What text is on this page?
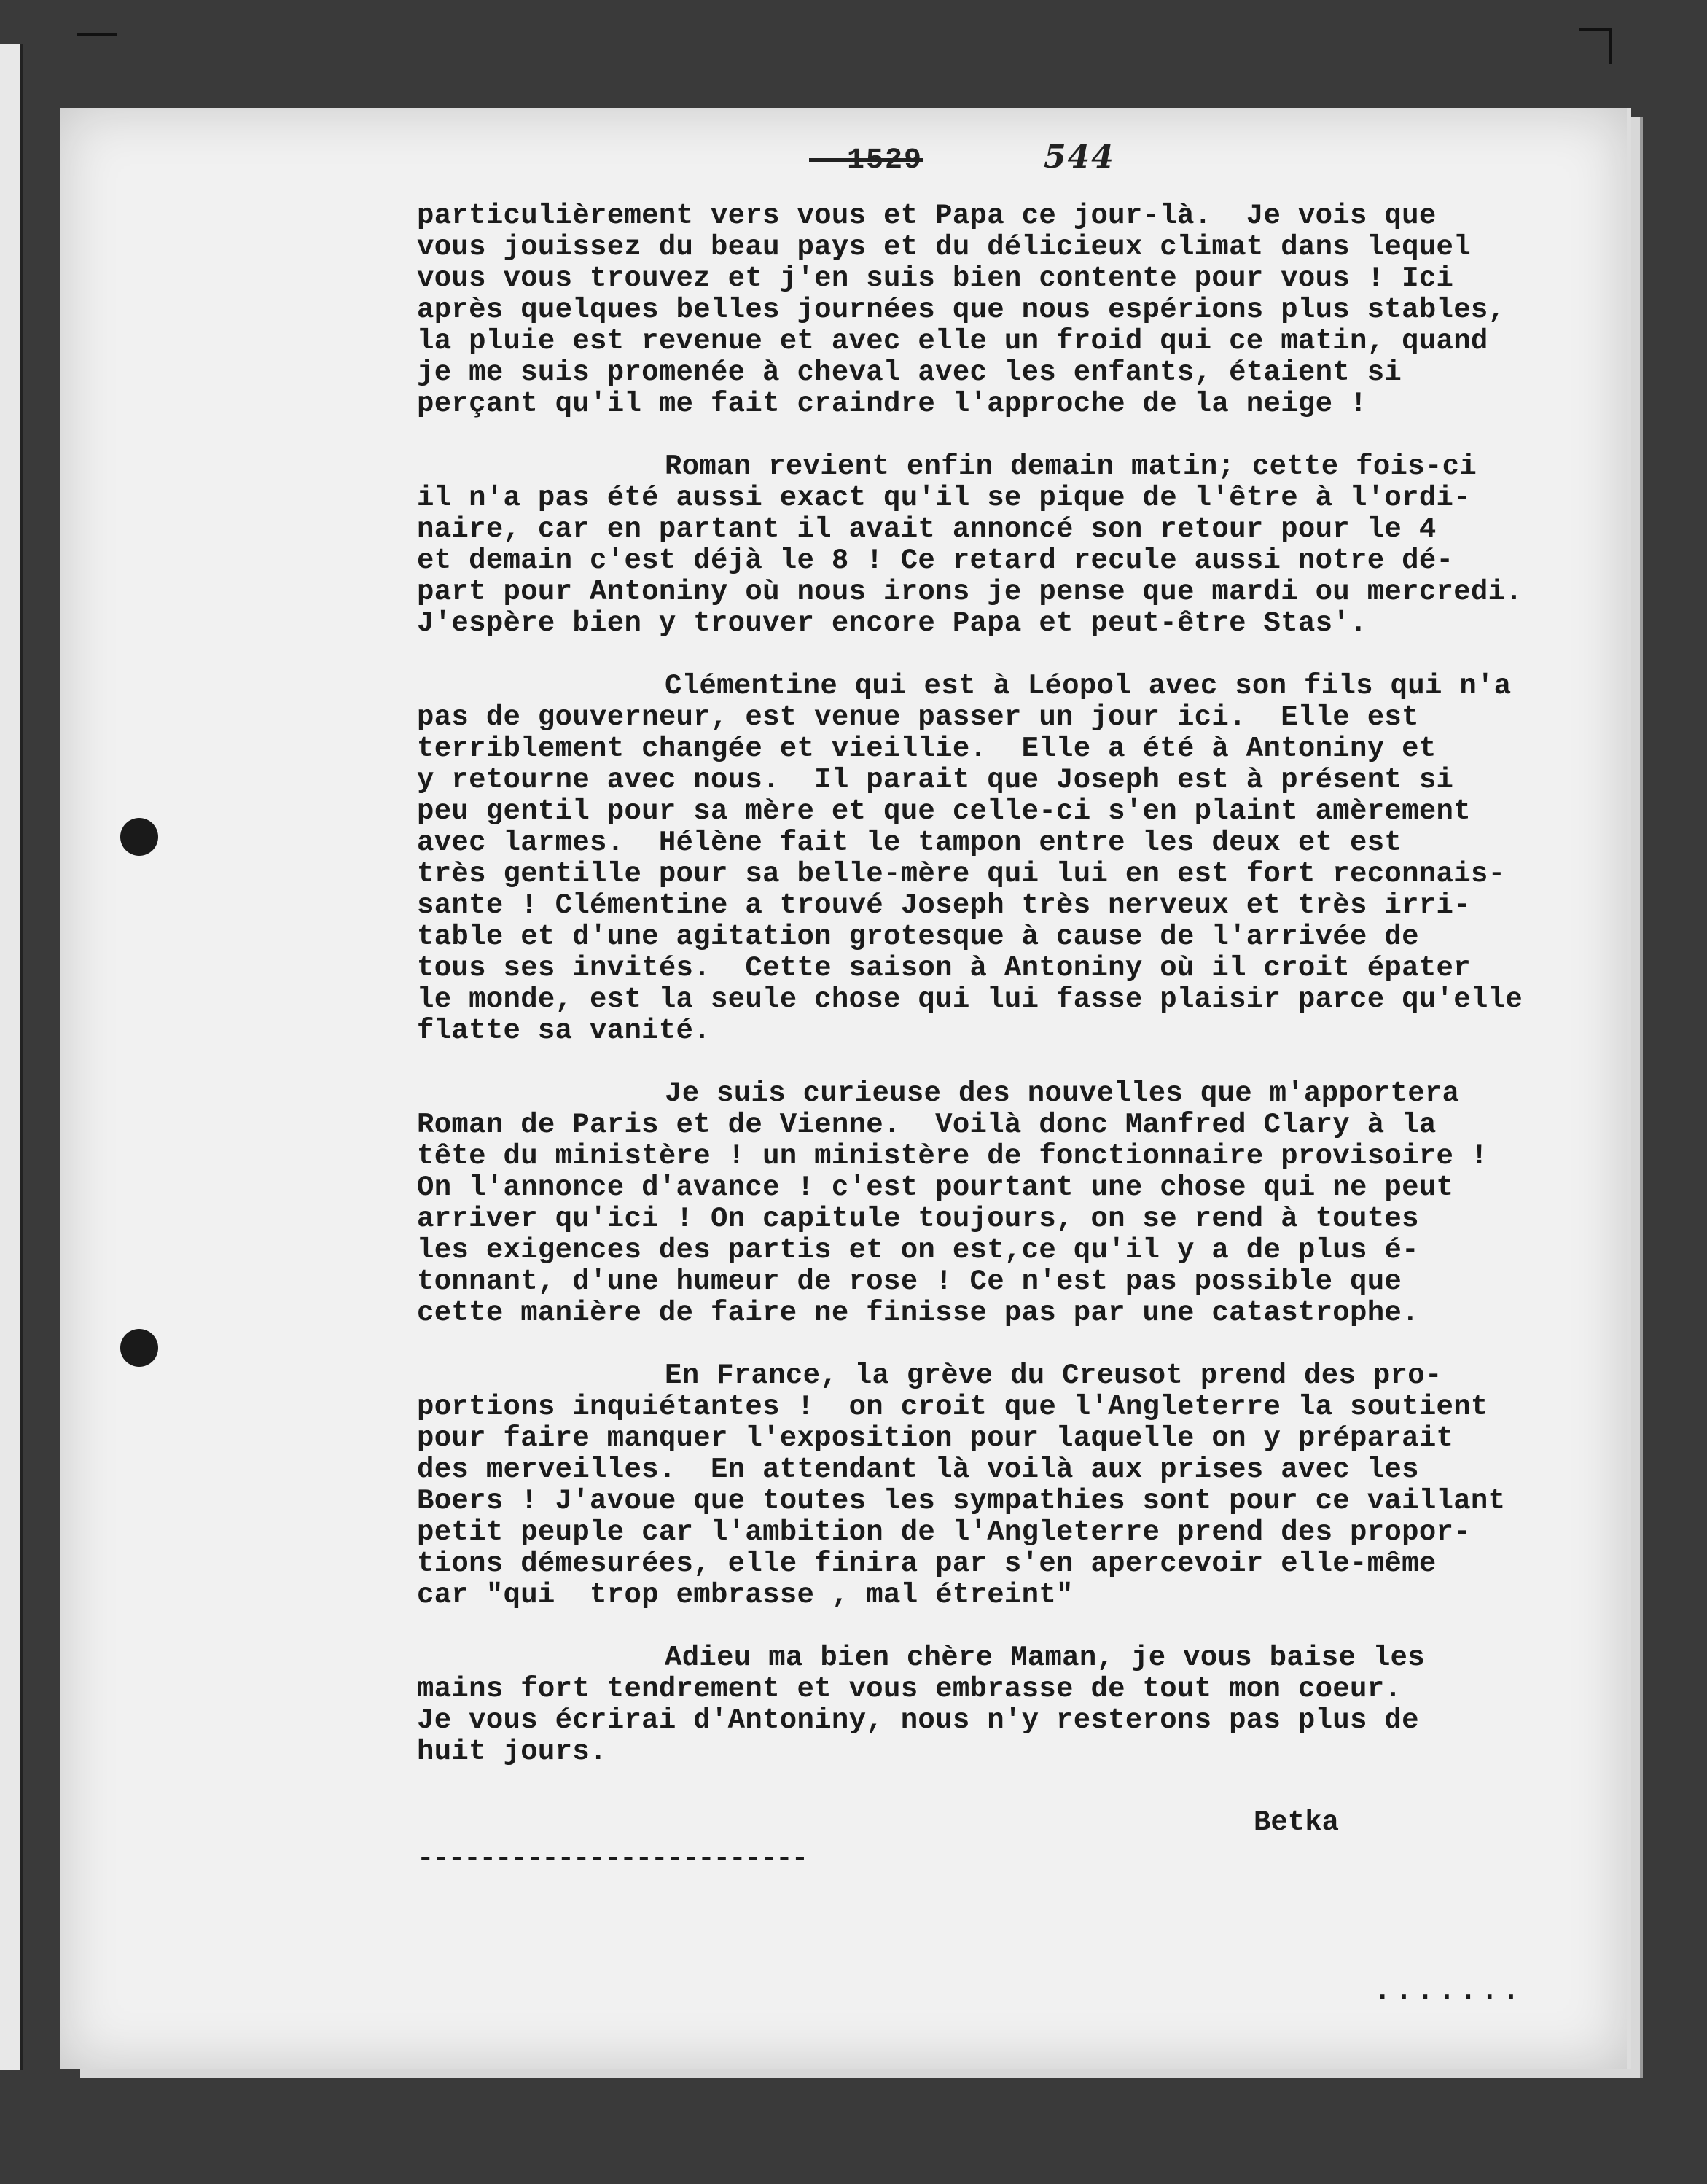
- 1529	544

particulièrement vers vous et Papa ce jour-là.  Je vois que
vous jouissez du beau pays et du délicieux climat dans lequel
vous vous trouvez et j'en suis bien contente pour vous ! Ici
après quelques belles journées que nous espérions plus stables,
la pluie est revenue et avec elle un froid qui ce matin, quand
je me suis promenée à cheval avec les enfants, étaient si
perçant qu'il me fait craindre l'approche de la neige !

Roman revient enfin demain matin; cette fois-ci
il n'a pas été aussi exact qu'il se pique de l'être à l'ordi-
naire, car en partant il avait annoncé son retour pour le 4
et demain c'est déjà le 8 ! Ce retard recule aussi notre dé-
part pour Antoniny où nous irons je pense que mardi ou mercredi.
J'espère bien y trouver encore Papa et peut-être Stas'.

Clémentine qui est à Léopol avec son fils qui n'a
pas de gouverneur, est venue passer un jour ici.  Elle est
terriblement changée et vieillie.  Elle a été à Antoniny et
y retourne avec nous.  Il parait que Joseph est à présent si
peu gentil pour sa mère et que celle-ci s'en plaint amèrement
avec larmes.  Hélène fait le tampon entre les deux et est
très gentille pour sa belle-mère qui lui en est fort reconnais-
sante ! Clémentine a trouvé Joseph très nerveux et très irri-
table et d'une agitation grotesque à cause de l'arrivée de
tous ses invités.  Cette saison à Antoniny où il croit épater
le monde, est la seule chose qui lui fasse plaisir parce qu'elle
flatte sa vanité.

Je suis curieuse des nouvelles que m'apportera
Roman de Paris et de Vienne.  Voilà donc Manfred Clary à la
tête du ministère ! un ministère de fonctionnaire provisoire !
On l'annonce d'avance ! c'est pourtant une chose qui ne peut
arriver qu'ici ! On capitule toujours, on se rend à toutes
les exigences des partis et on est,ce qu'il y a de plus é-
tonnant, d'une humeur de rose ! Ce n'est pas possible que
cette manière de faire ne finisse pas par une catastrophe.

En France, la grève du Creusot prend des pro-
portions inquiétantes !  on croit que l'Angleterre la soutient
pour faire manquer l'exposition pour laquelle on y préparait
des merveilles.  En attendant là voilà aux prises avec les
Boers ! J'avoue que toutes les sympathies sont pour ce vaillant
petit peuple car l'ambition de l'Angleterre prend des propor-
tions démesurées, elle finira par s'en apercevoir elle-même
car "qui  trop embrasse , mal étreint"

Adieu ma bien chère Maman, je vous baise les
mains fort tendrement et vous embrasse de tout mon coeur.
Je vous écrirai d'Antoniny, nous n'y resterons pas plus de
huit jours.

Betka
-------------------------
.......
